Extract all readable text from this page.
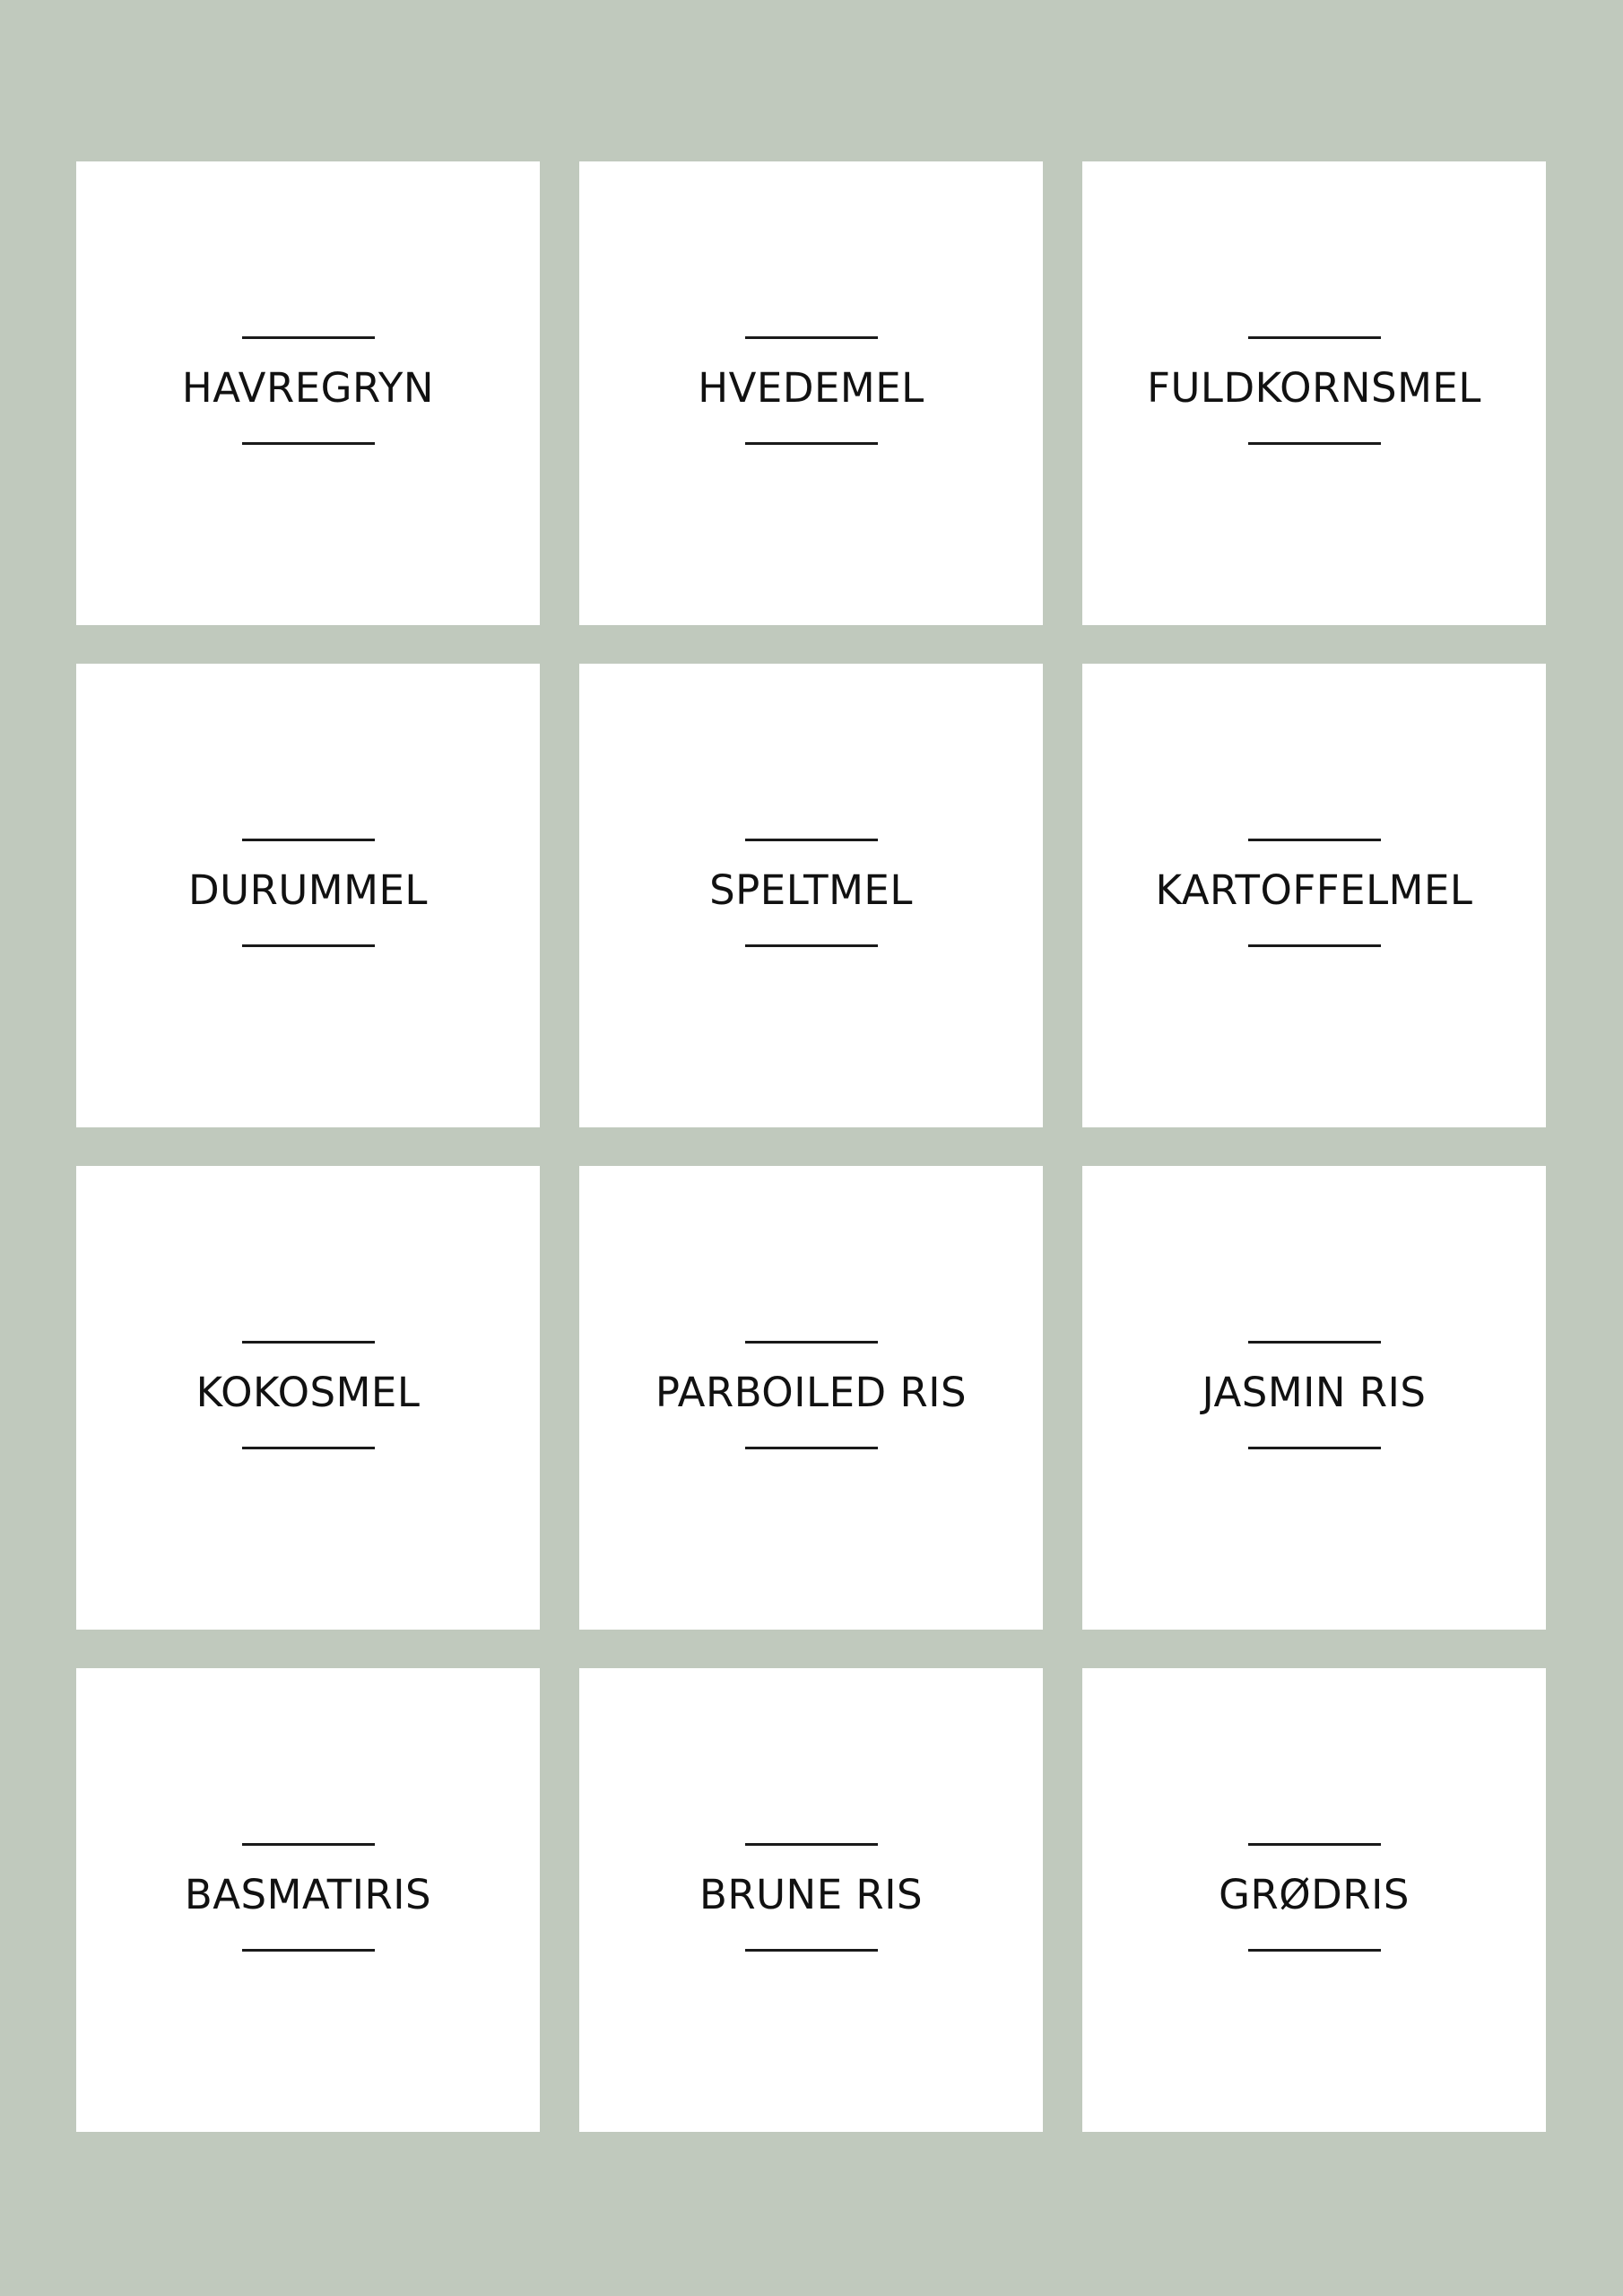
HAVREGRYN	HVEDEMEL	FULDKORNSMEL
DURUMMEL	SPELTMEL	KARTOFFELMEL
KOKOSMEL	PARBOILED RIS	JASMIN RIS
BASMATIRIS	BRUNE RIS	GRØDRIS
